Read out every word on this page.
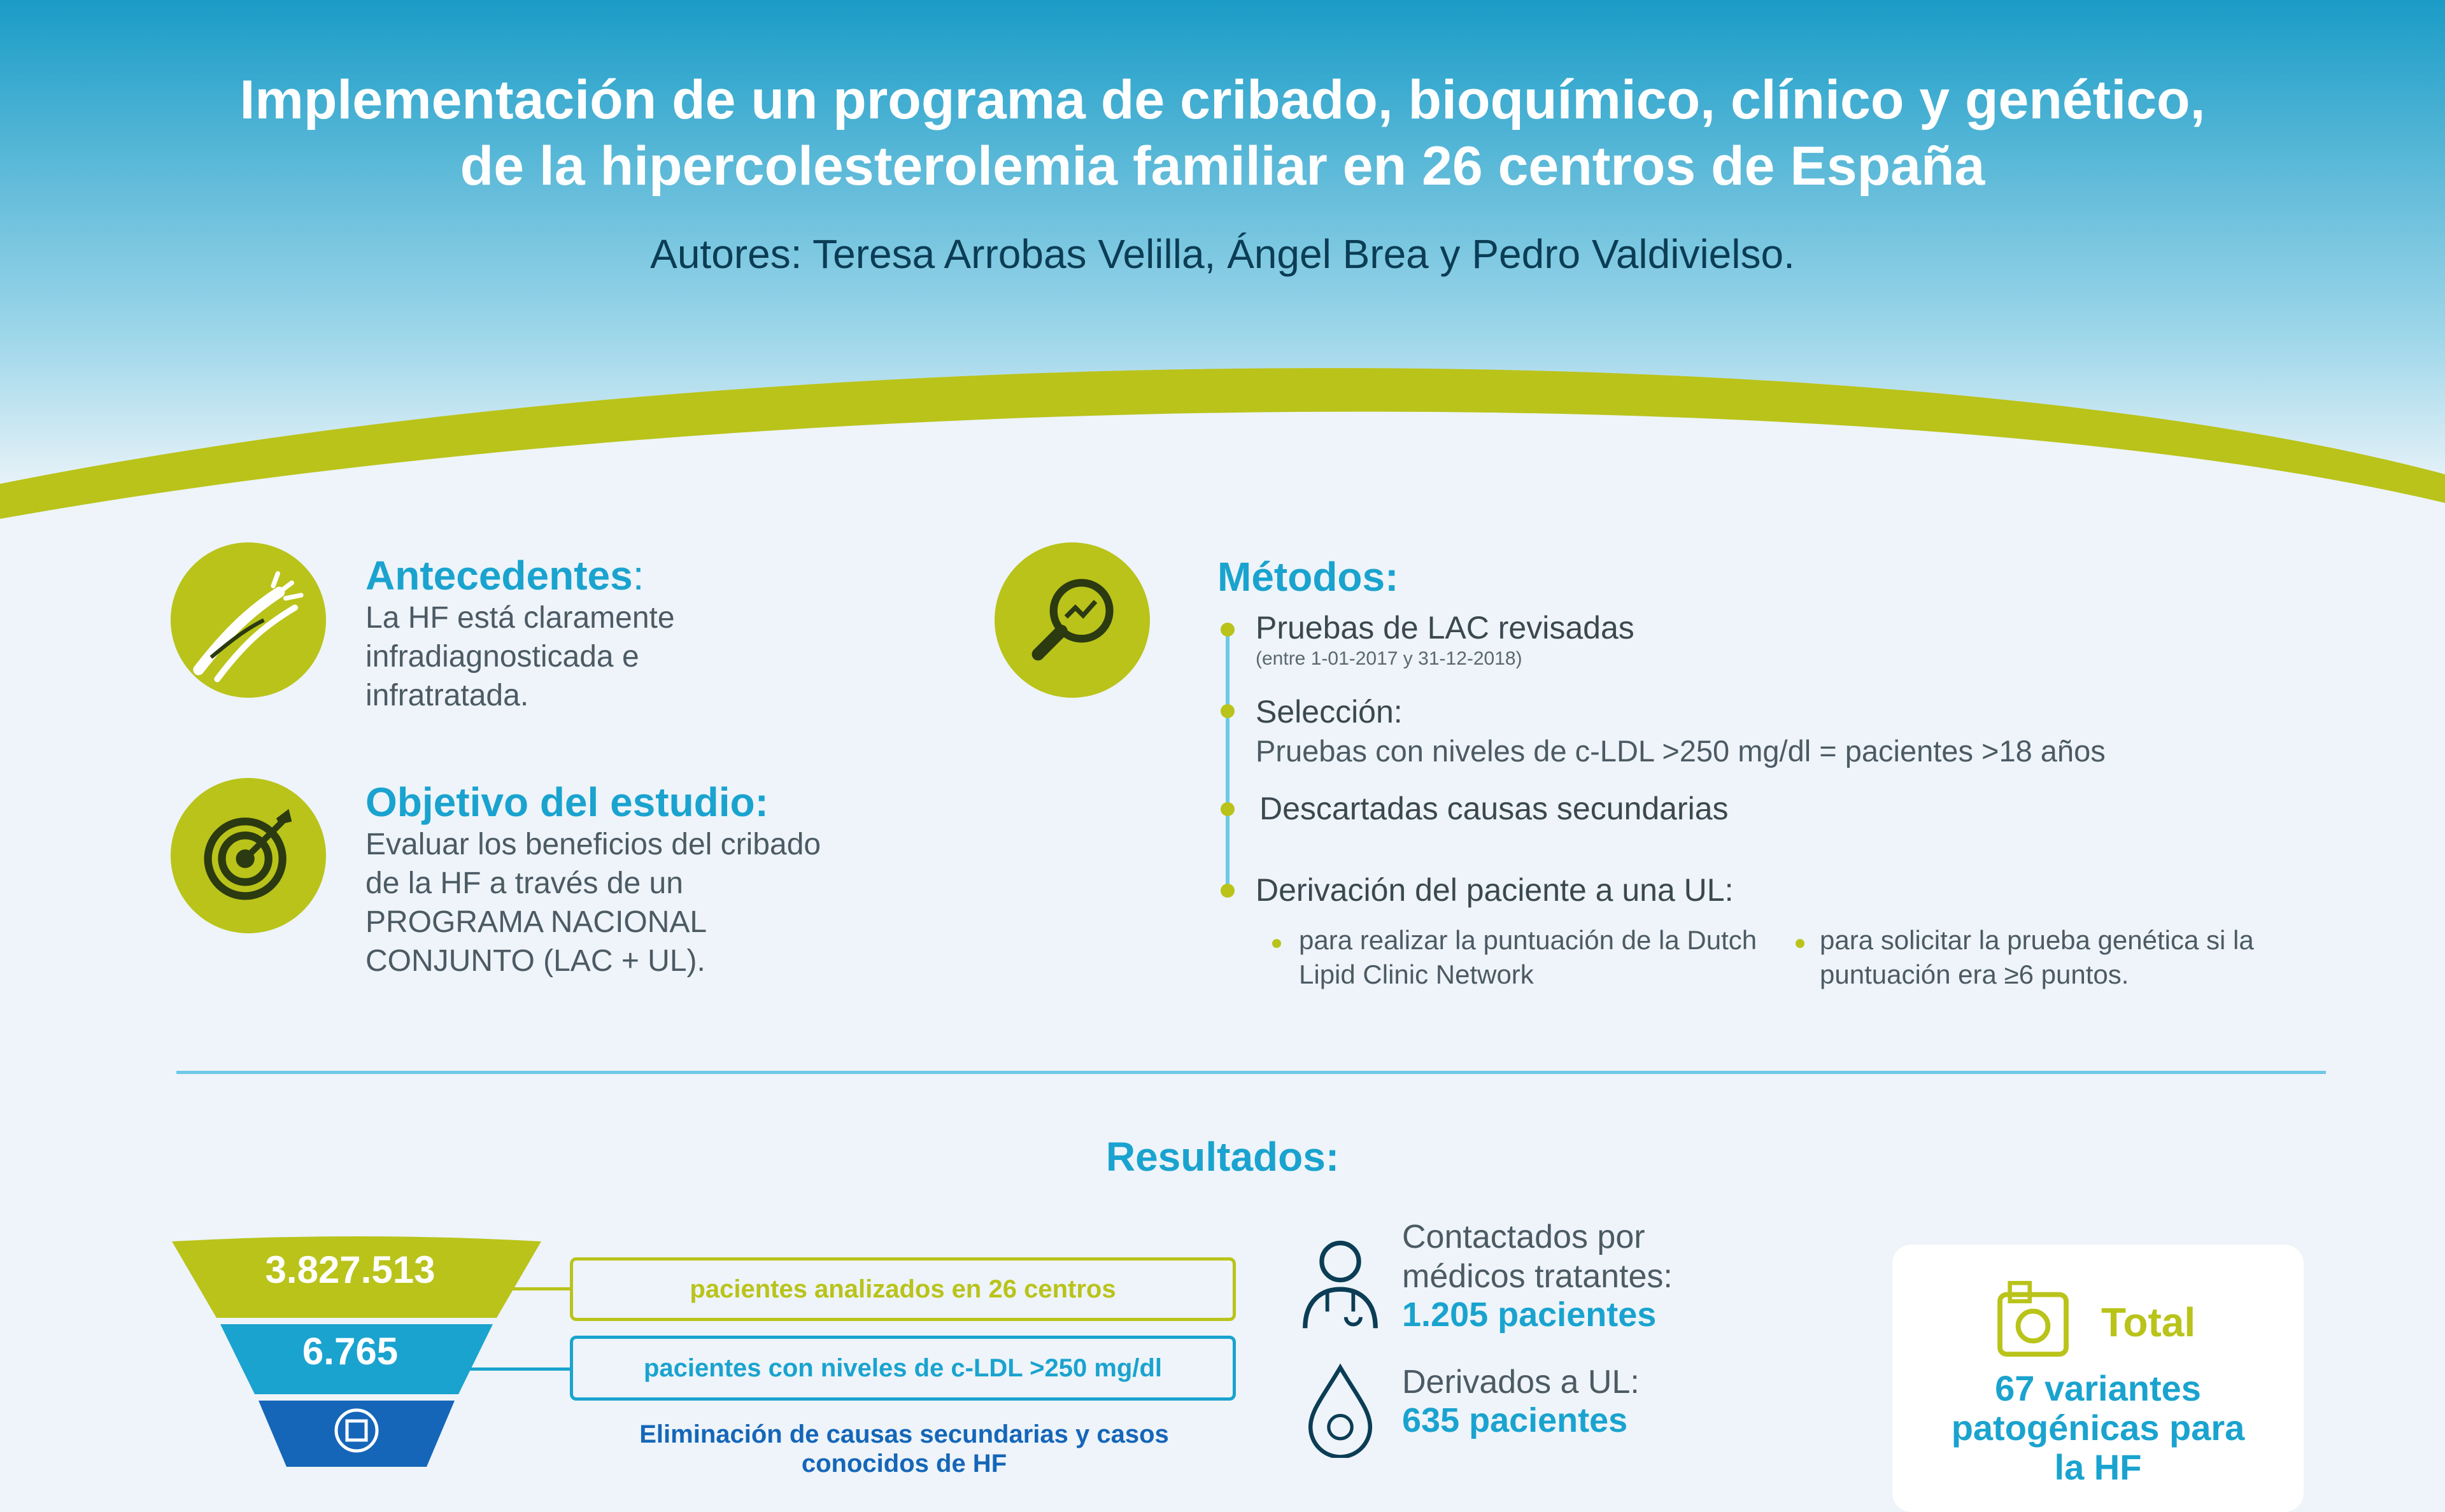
Implementación de un programa de cribado, bioquímico, clínico y genético,
de la hipercolesterolemia familiar en 26 centros de España
Autores: Teresa Arrobas Velilla, Ángel Brea y Pedro Valdivielso.
Antecedentes:
La HF está claramente infradiagnosticada e infratratada.
Objetivo del estudio:
Evaluar los beneficios del cribado de la HF a través de un PROGRAMA NACIONAL CONJUNTO (LAC + UL).
Métodos:
Pruebas de LAC revisadas
(entre 1-01-2017 y 31-12-2018)
Selección:
Pruebas con niveles de c-LDL >250 mg/dl = pacientes >18 años
Descartadas causas secundarias
Derivación del paciente a una UL:
para realizar la puntuación de la Dutch Lipid Clinic Network
para solicitar la prueba genética si la puntuación era ≥6 puntos.
Resultados:
3.827.513
6.765
pacientes analizados en 26 centros
pacientes con niveles de c-LDL >250 mg/dl
Eliminación de causas secundarias y casos conocidos de HF
Contactados por médicos tratantes:
1.205 pacientes
Derivados a UL:
635 pacientes
Total
67 variantes patogénicas para la HF
